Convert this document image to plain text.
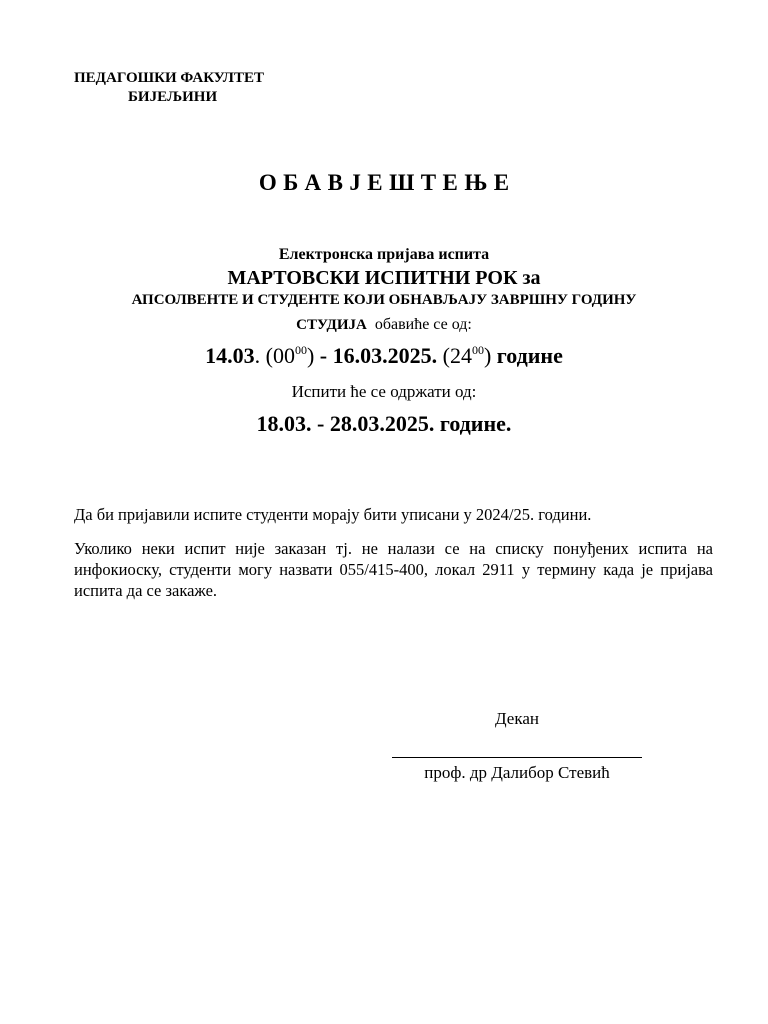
ПЕДАГОШКИ ФАКУЛТЕТ
БИЈЕЉИНИ
ОБАВЈЕШТЕЊЕ
Електронска пријава испита
МАРТОВСКИ ИСПИТНИ РОК за
АПСОЛВЕНТЕ И СТУДЕНТЕ КОЈИ ОБНАВЉАЈУ ЗАВРШНУ ГОДИНУ
СТУДИЈА обавиће се од:
14.03. $(00^{00}) - 16.03.2025$. $(24^{00})$ године
Испити ће се одржати од:
18.03. - 28.03.2025. године.
Да би пријавили испите студенти морају бити уписани у 2024/25. години.
Уколико неки испит није заказан тј. не налази се на списку понуђених испита на инфокиоску, студенти могу назвати 055/415-400, локал 2911 у термину када је пријава испита да се закаже.
Декан
проф. др Далибор Стевић
